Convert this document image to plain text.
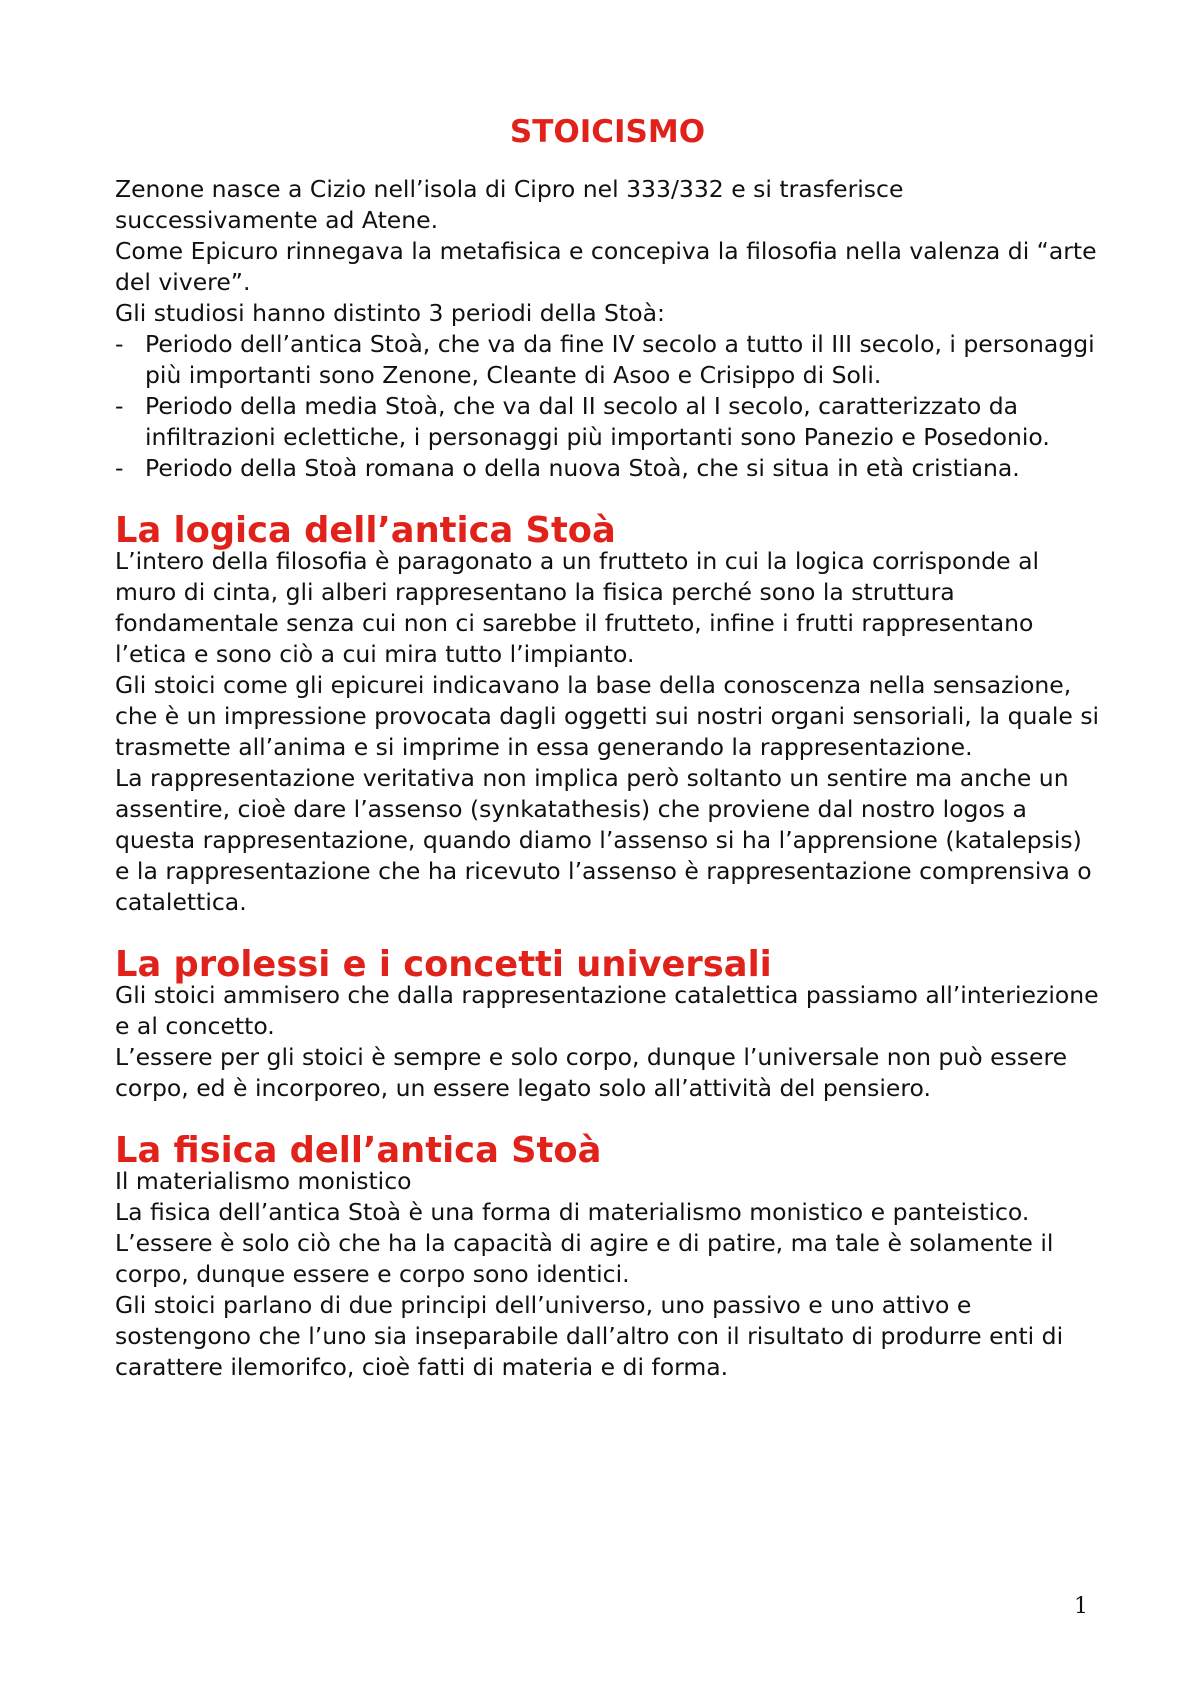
STOICISMO

Zenone nasce a Cizio nell’isola di Cipro nel 333/332 e si trasferisce successivamente ad Atene.

Come Epicuro rinnegava la metafisica e concepiva la filosofia nella valenza di “arte del vivere”.

Gli studiosi hanno distinto 3 periodi della Stoà:

- Periodo dell’antica Stoà, che va da fine IV secolo a tutto il III secolo, i personaggi più importanti sono Zenone, Cleante di Asoo e Crisippo di Soli.
- Periodo della media Stoà, che va dal II secolo al I secolo, caratterizzato da infiltrazioni eclettiche, i personaggi più importanti sono Panezio e Posedonio.
- Periodo della Stoà romana o della nuova Stoà, che si situa in età cristiana.
La logica dell’antica Stoà

L’intero della filosofia è paragonato a un frutteto in cui la logica corrisponde al muro di cinta, gli alberi rappresentano la fisica perché sono la struttura fondamentale senza cui non ci sarebbe il frutteto, infine i frutti rappresentano l’etica e sono ciò a cui mira tutto l’impianto.

Gli stoici come gli epicurei indicavano la base della conoscenza nella sensazione, che è un impressione provocata dagli oggetti sui nostri organi sensoriali, la quale si trasmette all’anima e si imprime in essa generando la rappresentazione.

La rappresentazione veritativa non implica però soltanto un sentire ma anche un assentire, cioè dare l’assenso (synkatathesis) che proviene dal nostro logos a questa rappresentazione, quando diamo l’assenso si ha l’apprensione (katalepsis) e la rappresentazione che ha ricevuto l’assenso è rappresentazione comprensiva o catalettica.

La prolessi e i concetti universali

Gli stoici ammisero che dalla rappresentazione catalettica passiamo all’interiezione e al concetto.

L’essere per gli stoici è sempre e solo corpo, dunque l’universale non può essere corpo, ed è incorporeo, un essere legato solo all’attività del pensiero.

La fisica dell’antica Stoà

Il materialismo monistico

La fisica dell’antica Stoà è una forma di materialismo monistico e panteistico.

L’essere è solo ciò che ha la capacità di agire e di patire, ma tale è solamente il corpo, dunque essere e corpo sono identici.

Gli stoici parlano di due principi dell’universo, uno passivo e uno attivo e sostengono che l’uno sia inseparabile dall’altro con il risultato di produrre enti di carattere ilemorifco, cioè fatti di materia e di forma.

1
